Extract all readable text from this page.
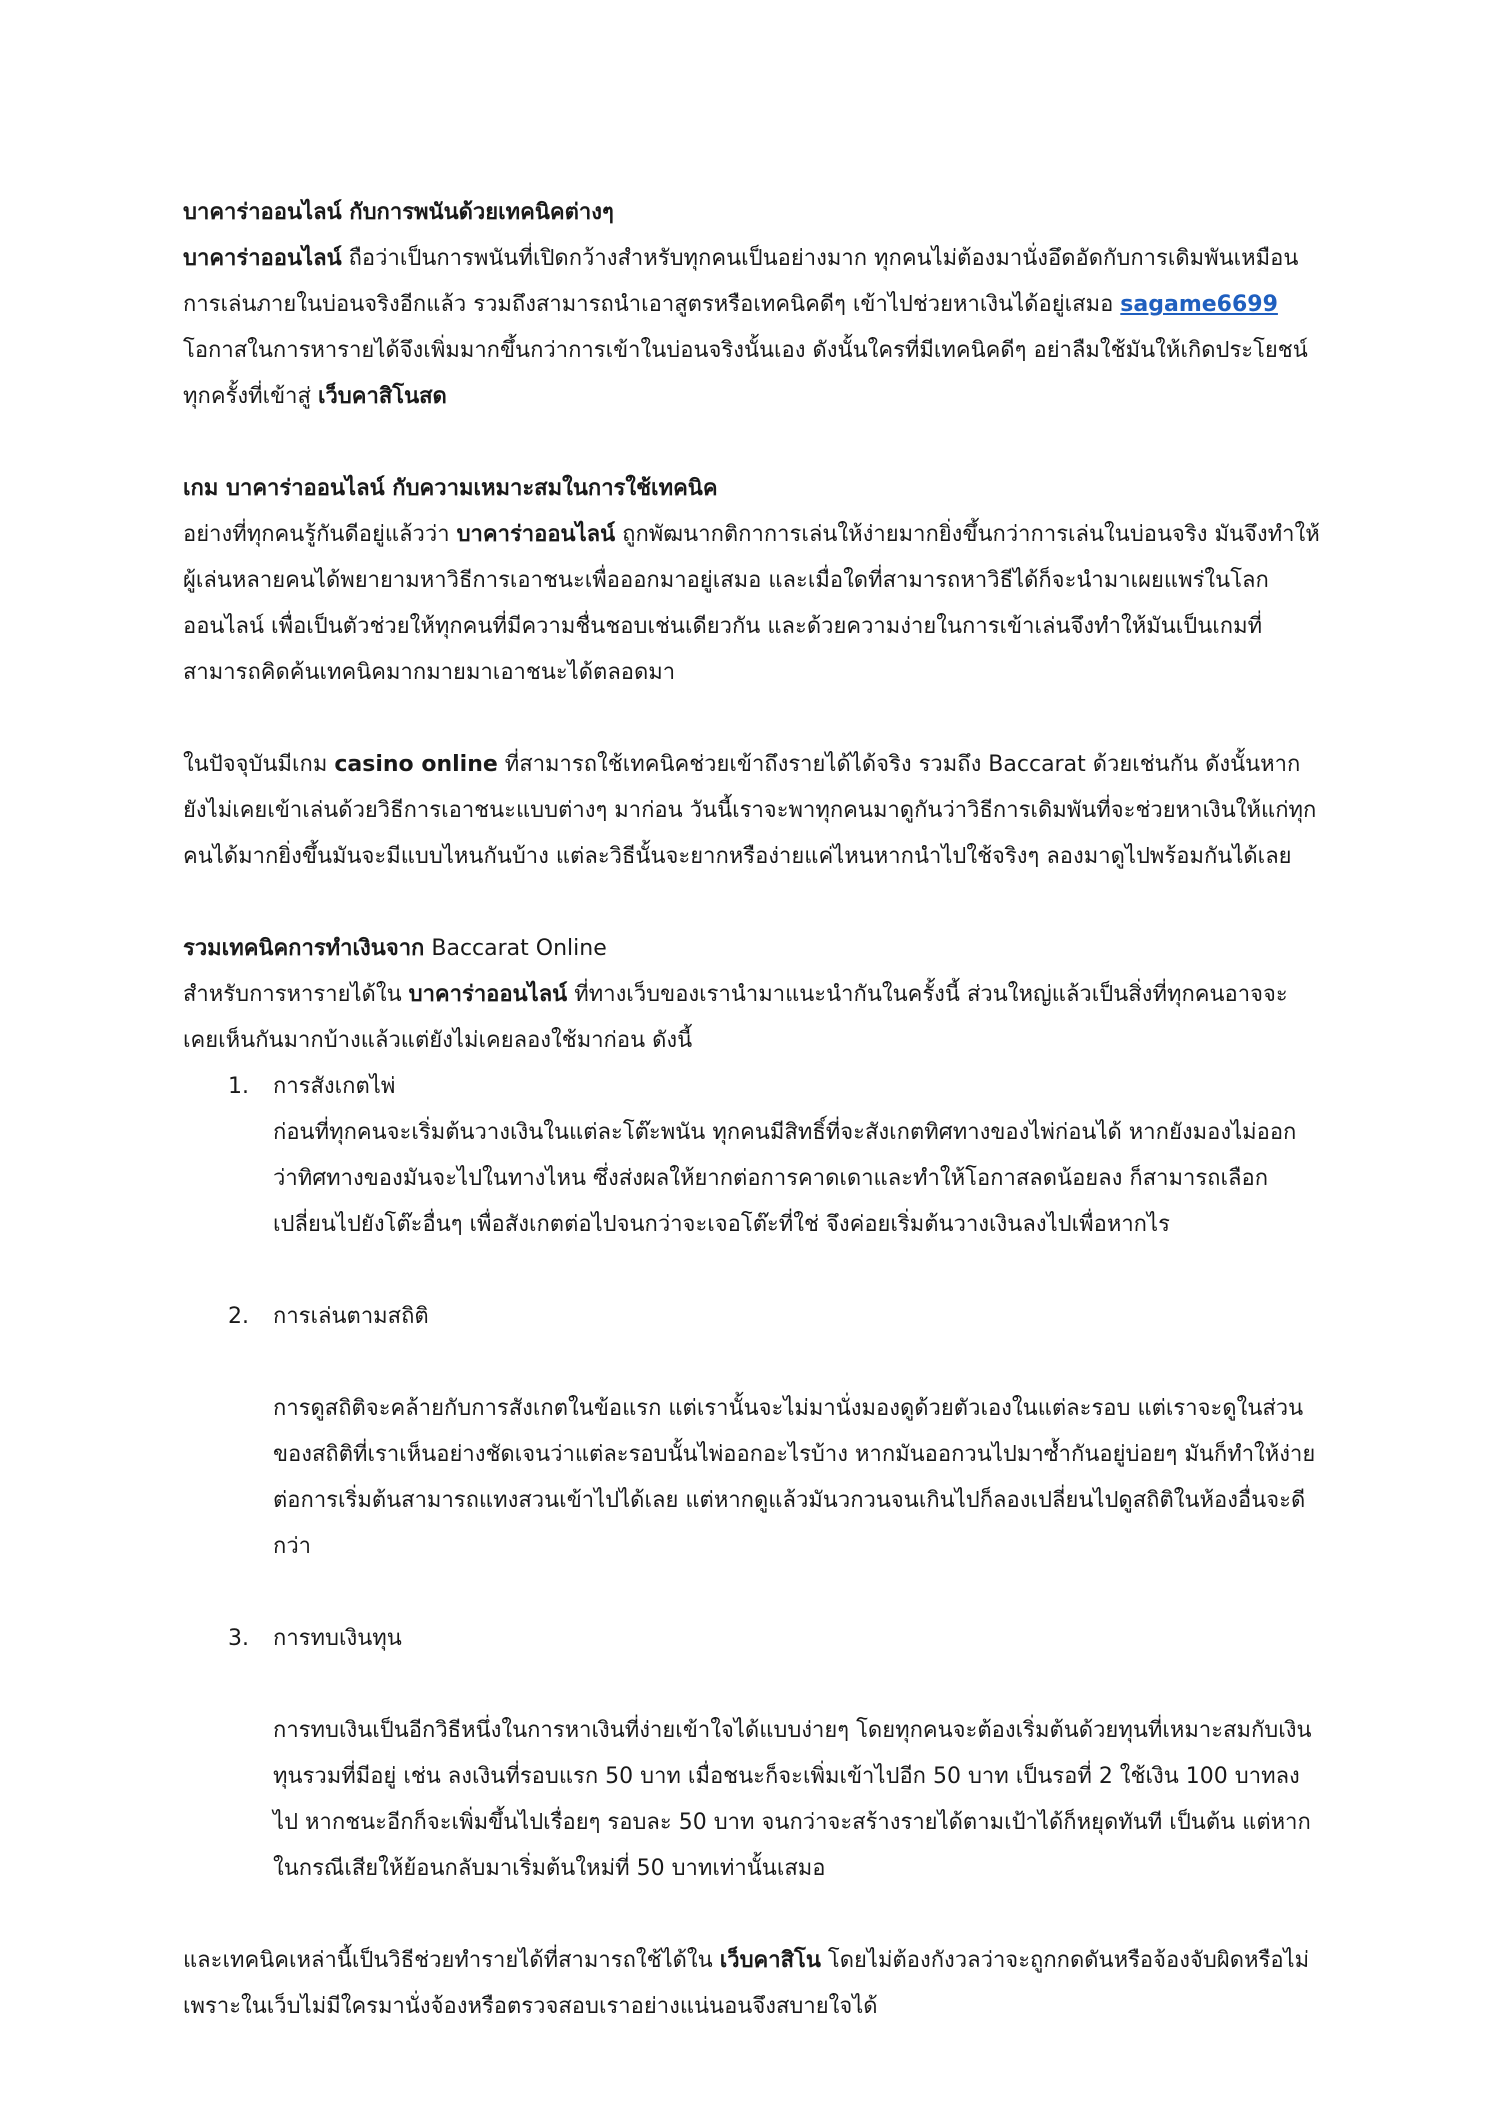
บาคาร่าออนไลน์ กับการพนันด้วยเทคนิคต่างๆ

บาคาร่าออนไลน์ ถือว่าเป็นการพนันที่เปิดกว้างสำหรับทุกคนเป็นอย่างมาก ทุกคนไม่ต้องมานั่งอึดอัดกับการเดิมพันเหมือนการเล่นภายในบ่อนจริงอีกแล้ว รวมถึงสามารถนำเอาสูตรหรือเทคนิคดีๆ เข้าไปช่วยหาเงินได้อยู่เสมอ sagame6699 โอกาสในการหารายได้จึงเพิ่มมากขึ้นกว่าการเข้าในบ่อนจริงนั้นเอง ดังนั้นใครที่มีเทคนิคดีๆ อย่าลืมใช้มันให้เกิดประโยชน์ทุกครั้งที่เข้าสู่ เว็บคาสิโนสด

เกม บาคาร่าออนไลน์ กับความเหมาะสมในการใช้เทคนิค

อย่างที่ทุกคนรู้กันดีอยู่แล้วว่า บาคาร่าออนไลน์ ถูกพัฒนากติกาการเล่นให้ง่ายมากยิ่งขึ้นกว่าการเล่นในบ่อนจริง มันจึงทำให้ผู้เล่นหลายคนได้พยายามหาวิธีการเอาชนะเพื่อออกมาอยู่เสมอ และเมื่อใดที่สามารถหาวิธีได้ก็จะนำมาเผยแพร่ในโลกออนไลน์ เพื่อเป็นตัวช่วยให้ทุกคนที่มีความชื่นชอบเช่นเดียวกัน และด้วยความง่ายในการเข้าเล่นจึงทำให้มันเป็นเกมที่สามารถคิดค้นเทคนิคมากมายมาเอาชนะได้ตลอดมา

ในปัจจุบันมีเกม casino online ที่สามารถใช้เทคนิคช่วยเข้าถึงรายได้ได้จริง รวมถึง Baccarat ด้วยเช่นกัน ดังนั้นหากยังไม่เคยเข้าเล่นด้วยวิธีการเอาชนะแบบต่างๆ มาก่อน วันนี้เราจะพาทุกคนมาดูกันว่าวิธีการเดิมพันที่จะช่วยหาเงินให้แก่ทุกคนได้มากยิ่งขึ้นมันจะมีแบบไหนกันบ้าง แต่ละวิธีนั้นจะยากหรือง่ายแค่ไหนหากนำไปใช้จริงๆ ลองมาดูไปพร้อมกันได้เลย

รวมเทคนิคการทำเงินจาก Baccarat Online

สำหรับการหารายได้ใน บาคาร่าออนไลน์ ที่ทางเว็บของเรานำมาแนะนำกันในครั้งนี้ ส่วนใหญ่แล้วเป็นสิ่งที่ทุกคนอาจจะเคยเห็นกันมากบ้างแล้วแต่ยังไม่เคยลองใช้มาก่อน ดังนี้

1. การสังเกตไพ่

ก่อนที่ทุกคนจะเริ่มต้นวางเงินในแต่ละโต๊ะพนัน ทุกคนมีสิทธิ์ที่จะสังเกตทิศทางของไพ่ก่อนได้ หากยังมองไม่ออกว่าทิศทางของมันจะไปในทางไหน ซึ่งส่งผลให้ยากต่อการคาดเดาและทำให้โอกาสลดน้อยลง ก็สามารถเลือกเปลี่ยนไปยังโต๊ะอื่นๆ เพื่อสังเกตต่อไปจนกว่าจะเจอโต๊ะที่ใช่ จึงค่อยเริ่มต้นวางเงินลงไปเพื่อหากไร

2. การเล่นตามสถิติ

การดูสถิติจะคล้ายกับการสังเกตในข้อแรก แต่เรานั้นจะไม่มานั่งมองดูด้วยตัวเองในแต่ละรอบ แต่เราจะดูในส่วนของสถิติที่เราเห็นอย่างชัดเจนว่าแต่ละรอบนั้นไพ่ออกอะไรบ้าง หากมันออกวนไปมาซ้ำกันอยู่บ่อยๆ มันก็ทำให้ง่ายต่อการเริ่มต้นสามารถแทงสวนเข้าไปได้เลย แต่หากดูแล้วมันวกวนจนเกินไปก็ลองเปลี่ยนไปดูสถิติในห้องอื่นจะดีกว่า

3. การทบเงินทุน

การทบเงินเป็นอีกวิธีหนึ่งในการหาเงินที่ง่ายเข้าใจได้แบบง่ายๆ โดยทุกคนจะต้องเริ่มต้นด้วยทุนที่เหมาะสมกับเงินทุนรวมที่มีอยู่ เช่น ลงเงินที่รอบแรก 50 บาท เมื่อชนะก็จะเพิ่มเข้าไปอีก 50 บาท เป็นรอที่ 2 ใช้เงิน 100 บาทลงไป หากชนะอีกก็จะเพิ่มขึ้นไปเรื่อยๆ รอบละ 50 บาท จนกว่าจะสร้างรายได้ตามเป้าได้ก็หยุดทันที เป็นต้น แต่หากในกรณีเสียให้ย้อนกลับมาเริ่มต้นใหม่ที่ 50 บาทเท่านั้นเสมอ

และเทคนิคเหล่านี้เป็นวิธีช่วยทำรายได้ที่สามารถใช้ได้ใน เว็บคาสิโน โดยไม่ต้องกังวลว่าจะถูกกดดันหรือจ้องจับผิดหรือไม่เพราะในเว็บไม่มีใครมานั่งจ้องหรือตรวจสอบเราอย่างแน่นอนจึงสบายใจได้
